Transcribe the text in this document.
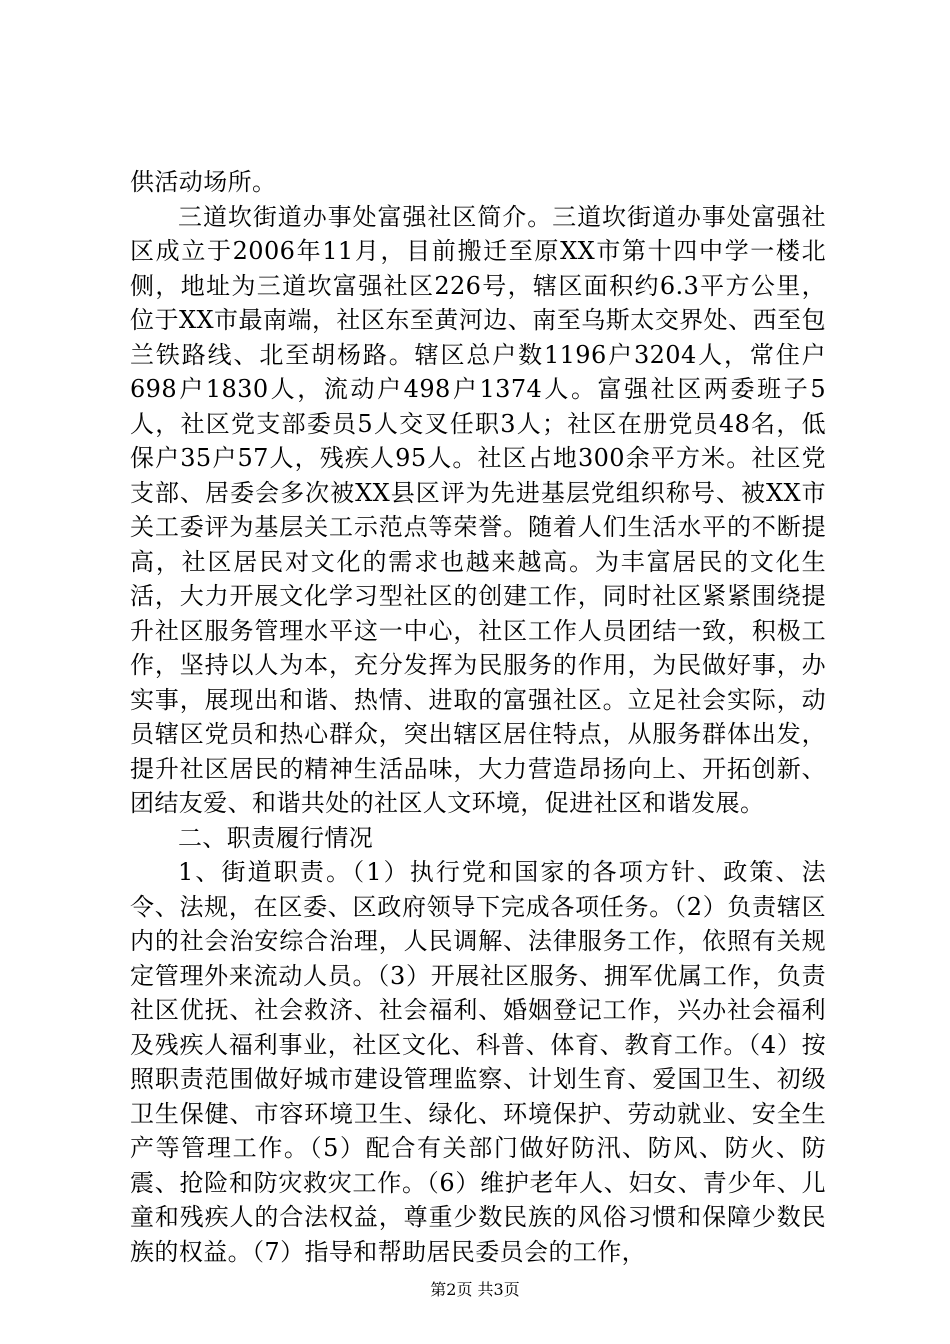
供活动场所。

三道坎街道办事处富强社区简介。三道坎街道办事处富强社区成立于2006年11月，目前搬迁至原XX市第十四中学一楼北侧，地址为三道坎富强社区226号，辖区面积约6.3平方公里，位于XX市最南端，社区东至黄河边、南至乌斯太交界处、西至包兰铁路线、北至胡杨路。辖区总户数1196户3204人，常住户698户1830人，流动户498户1374人。富强社区两委班子5人，社区党支部委员5人交叉任职3人；社区在册党员48名，低保户35户57人，残疾人95人。社区占地300余平方米。社区党支部、居委会多次被XX县区评为先进基层党组织称号、被XX市关工委评为基层关工示范点等荣誉。随着人们生活水平的不断提高，社区居民对文化的需求也越来越高。为丰富居民的文化生活，大力开展文化学习型社区的创建工作，同时社区紧紧围绕提升社区服务管理水平这一中心，社区工作人员团结一致，积极工作，坚持以人为本，充分发挥为民服务的作用，为民做好事，办实事，展现出和谐、热情、进取的富强社区。立足社会实际，动员辖区党员和热心群众，突出辖区居住特点，从服务群体出发，提升社区居民的精神生活品味，大力营造昂扬向上、开拓创新、团结友爱、和谐共处的社区人文环境，促进社区和谐发展。

二、职责履行情况

1、街道职责。（1）执行党和国家的各项方针、政策、法令、法规，在区委、区政府领导下完成各项任务。（2）负责辖区内的社会治安综合治理，人民调解、法律服务工作，依照有关规定管理外来流动人员。（3）开展社区服务、拥军优属工作，负责社区优抚、社会救济、社会福利、婚姻登记工作，兴办社会福利及残疾人福利事业，社区文化、科普、体育、教育工作。（4）按照职责范围做好城市建设管理监察、计划生育、爱国卫生、初级卫生保健、市容环境卫生、绿化、环境保护、劳动就业、安全生产等管理工作。（5）配合有关部门做好防汛、防风、防火、防震、抢险和防灾救灾工作。（6）维护老年人、妇女、青少年、儿童和残疾人的合法权益，尊重少数民族的风俗习惯和保障少数民族的权益。（7）指导和帮助居民委员会的工作，

第2页 共3页
